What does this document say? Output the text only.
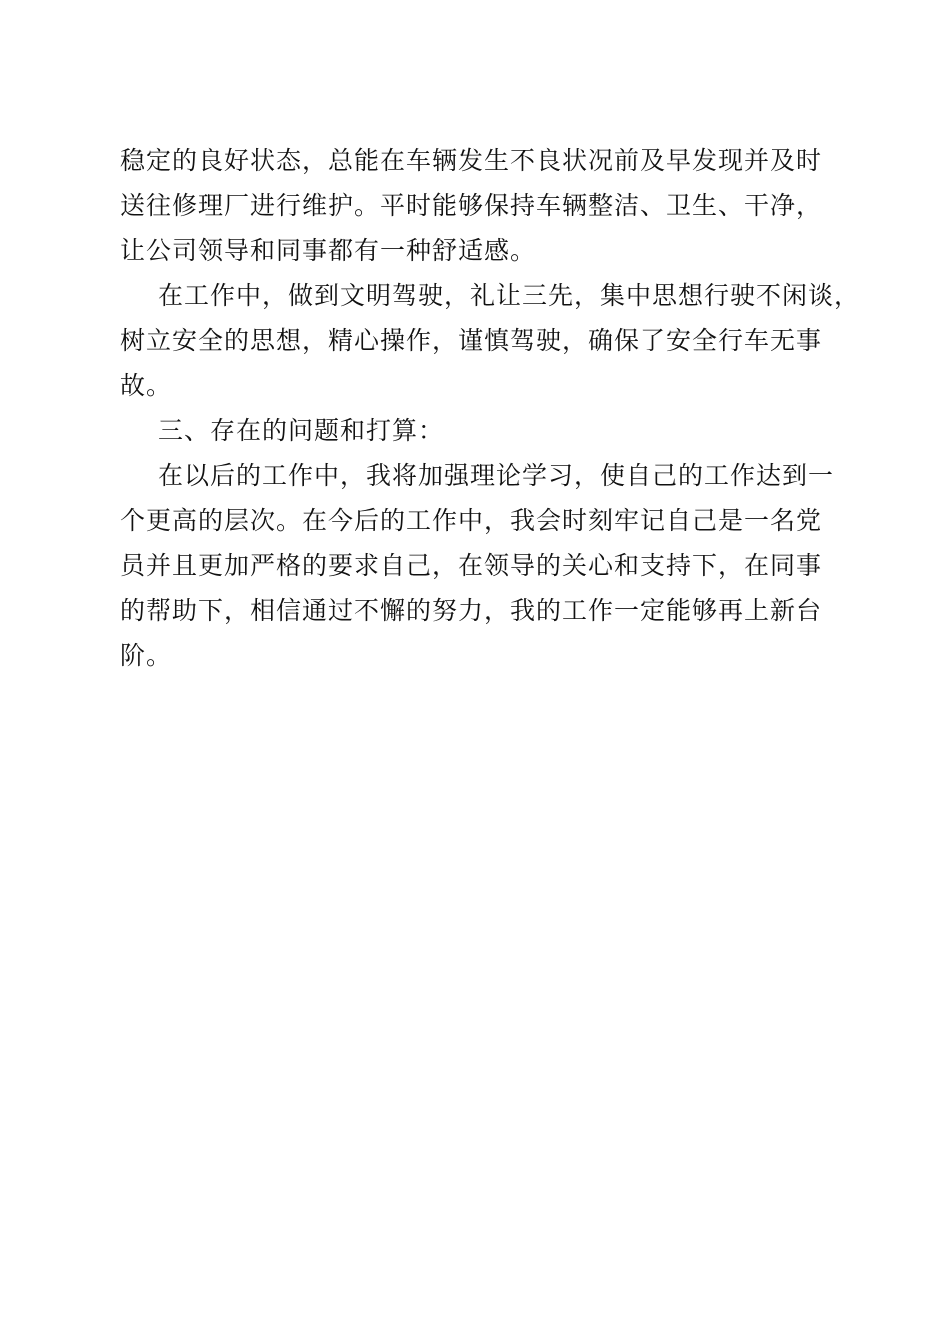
稳定的良好状态，总能在车辆发生不良状况前及早发现并及时
送往修理厂进行维护。平时能够保持车辆整洁、卫生、干净，
让公司领导和同事都有一种舒适感。
在工作中，做到文明驾驶，礼让三先，集中思想行驶不闲谈，
树立安全的思想，精心操作，谨慎驾驶，确保了安全行车无事
故。
三、存在的问题和打算：
在以后的工作中，我将加强理论学习，使自己的工作达到一
个更高的层次。在今后的工作中，我会时刻牢记自己是一名党
员并且更加严格的要求自己，在领导的关心和支持下，在同事
的帮助下，相信通过不懈的努力，我的工作一定能够再上新台
阶。
